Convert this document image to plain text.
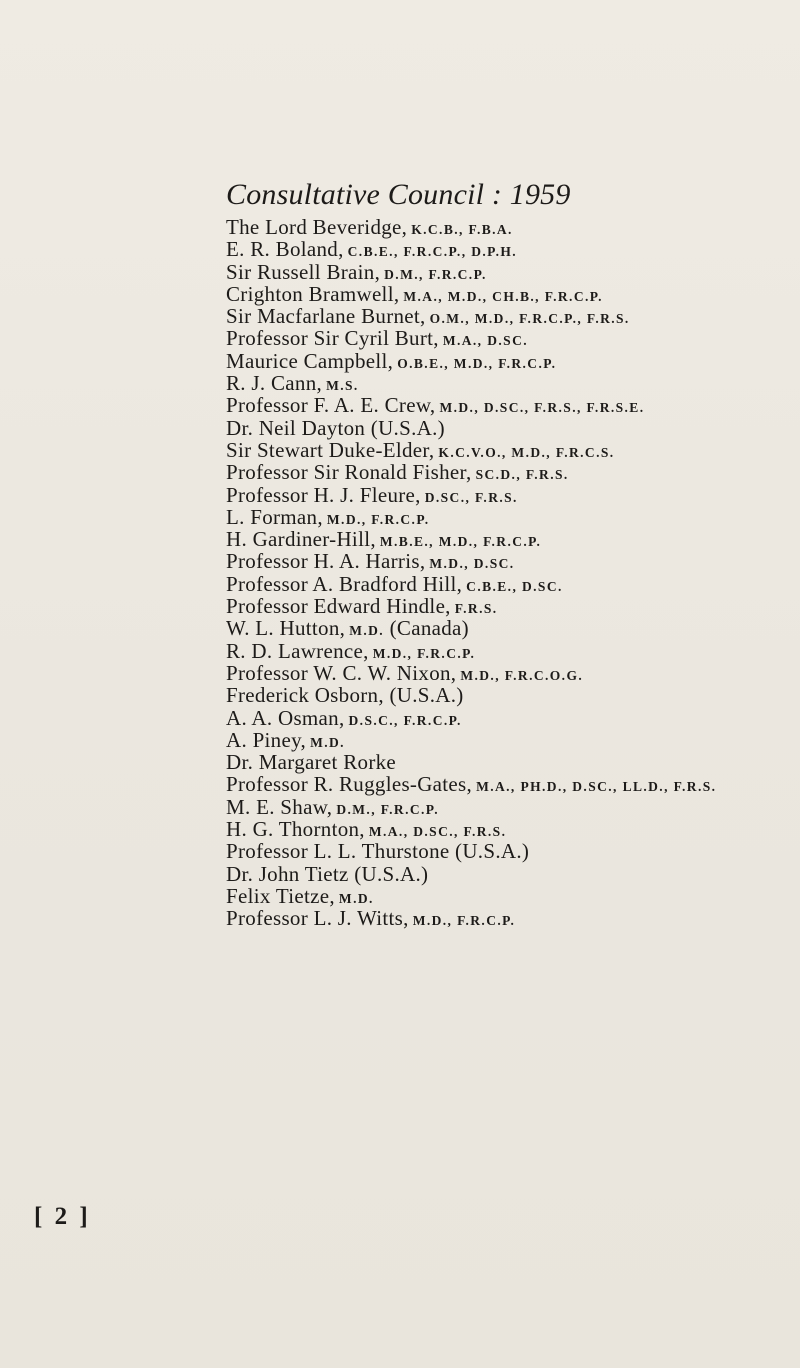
Consultative Council : 1959
The Lord Beveridge, K.C.B., F.B.A.
E. R. Boland, C.B.E., F.R.C.P., D.P.H.
Sir Russell Brain, D.M., F.R.C.P.
Crighton Bramwell, M.A., M.D., CH.B., F.R.C.P.
Sir Macfarlane Burnet, O.M., M.D., F.R.C.P., F.R.S.
Professor Sir Cyril Burt, M.A., D.SC.
Maurice Campbell, O.B.E., M.D., F.R.C.P.
R. J. Cann, M.S.
Professor F. A. E. Crew, M.D., D.SC., F.R.S., F.R.S.E.
Dr. Neil Dayton (U.S.A.)
Sir Stewart Duke-Elder, K.C.V.O., M.D., F.R.C.S.
Professor Sir Ronald Fisher, SC.D., F.R.S.
Professor H. J. Fleure, D.SC., F.R.S.
L. Forman, M.D., F.R.C.P.
H. Gardiner-Hill, M.B.E., M.D., F.R.C.P.
Professor H. A. Harris, M.D., D.SC.
Professor A. Bradford Hill, C.B.E., D.SC.
Professor Edward Hindle, F.R.S.
W. L. Hutton, M.D. (Canada)
R. D. Lawrence, M.D., F.R.C.P.
Professor W. C. W. Nixon, M.D., F.R.C.O.G.
Frederick Osborn, (U.S.A.)
A. A. Osman, D.S.C., F.R.C.P.
A. Piney, M.D.
Dr. Margaret Rorke
Professor R. Ruggles-Gates, M.A., PH.D., D.SC., LL.D., F.R.S.
M. E. Shaw, D.M., F.R.C.P.
H. G. Thornton, M.A., D.SC., F.R.S.
Professor L. L. Thurstone (U.S.A.)
Dr. John Tietz (U.S.A.)
Felix Tietze, M.D.
Professor L. J. Witts, M.D., F.R.C.P.
[ 2 ]
